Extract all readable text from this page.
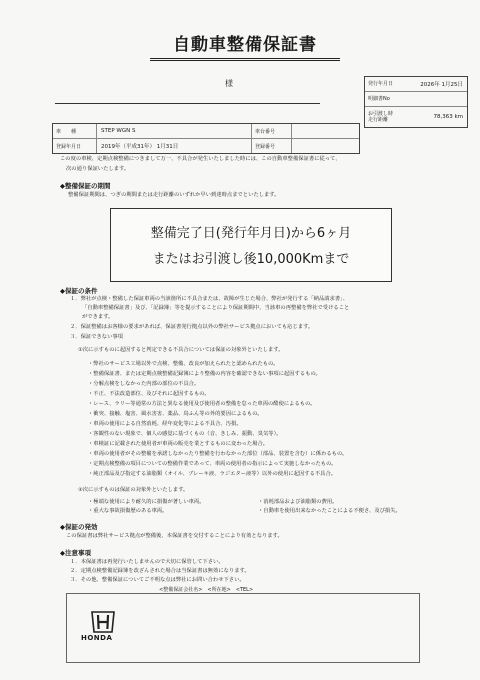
自動車整備保証書
様	発行年月日	2026年 1月25日
明細書No
お引渡し時
走行距離	78,363 km
車　　種	STEP WGN S	車台番号
登録年月日	2019年（平成31年） 1月31日	登録番号
この度の車検、定期点検整備につきまして万一、不具合が発生いたしました時には、この自動車整備保証書に従って、
次の通り保証いたします。
◆整備保証の期間
整備保証期間は、つぎの期間または走行距離のいずれか早い到達時点までといたします。
整備完了日(発行年月日)から6ヶ月
またはお引渡し後10,000Kmまで
◆保証の条件
１．弊社が点検・整備した保証車両の当該箇所に不具合または、故障が生じた場合、弊社が発行する「納品請求書」、
「自動車整備保証書」及び、「記録簿」等を提示することにより保証期間中、当該車の再整備を弊社で受けること
ができます。
２．保証整備はお客様の要求があれば、保証書発行拠点以外の弊社サービス拠点においても応じます。
３．保証できない事項
①次に示すものに起因すると判定できる不具合については保証の対象外といたします。
・弊社のサービス工場以外で点検、整備、改良が加えられたと認められたもの。
・整備保証書、または定期点検整備記録簿により整備の内容を確認できない事項に起因するもの。
・分解点検をしなかった内部の部位の不具合。
・不正、不法改造部位、及びそれに起因するもの。
・レース、ラリー等通常の方法と異なる使用及び使用者の整備を怠った車両の酷使によるもの。
・衝突、接触、塩害、風水害害、薬品、鳥ふん等の外的要因によるもの。
・車両の使用による自然消耗、経年変化等による不具合、汚損。
・客観性のない現象で、個人の感覚に基づくもの（音、きしみ、振動、臭気等）。
・車検証に記載された使用者が車両の販売を業とするものに変わった場合。
・車両の使用者がその整備を承諾しなかったり整備を行わなかった部位（部品、装置を含む）に係わるもの。
・定期点検整備の項目についての整備作業であって、車両の使用者の指示によって実施しなかったもの。
・純正部品及び指定する油脂類（オイル、ブレーキ液、ラジエター液等）以外の使用に起因する不具合。
②次に示すものは保証の対象外といたします。
・極端な使用により耐久的に損傷が著しい車両。
・重大な事故損傷歴のある車両。
・消耗部品および油脂類の費用。
・自動車を使用出来なかったことによる不便さ、及び損失。
◆保証の発効
この保証書は弊社サービス拠点が整備後、本保証書を交付することにより有効となります。
◆注意事項
１．本保証書は再発行いたしませんので大切に保管して下さい。
２．定期点検整備記録簿を改ざんされた場合は当保証書は無効になります。
３．その他、整備保証についてご不明な点は弊社にお問い合わせ下さい。
<整備保証会社名>　<所在地>　<TEL>
HONDA
